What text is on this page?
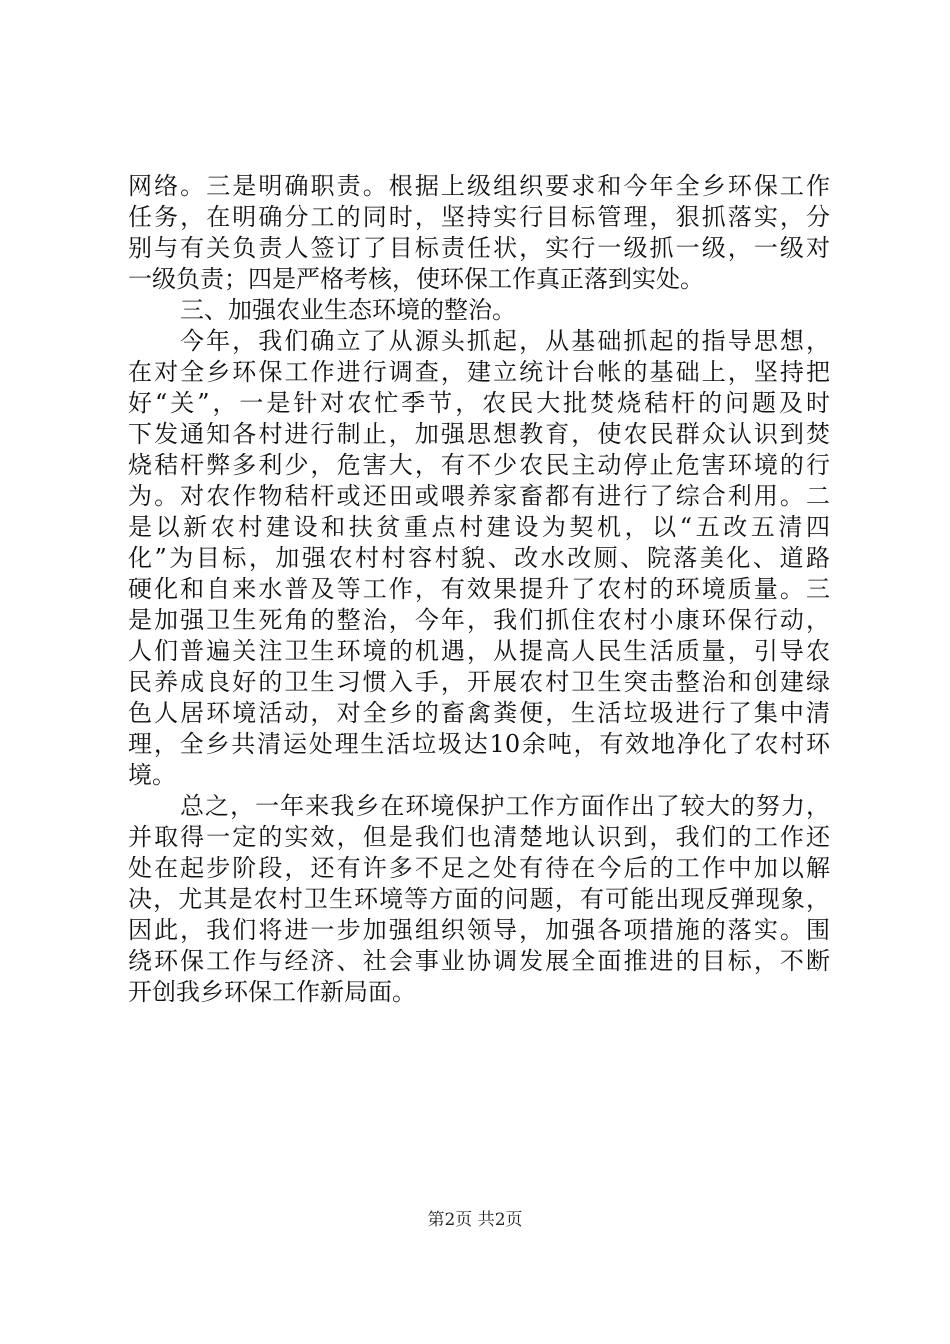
网络。三是明确职责。根据上级组织要求和今年全乡环保工作
任务，在明确分工的同时，坚持实行目标管理，狠抓落实，分
别与有关负责人签订了目标责任状，实行一级抓一级，一级对
一级负责；四是严格考核，使环保工作真正落到实处。
三、加强农业生态环境的整治。
今年，我们确立了从源头抓起，从基础抓起的指导思想，
在对全乡环保工作进行调查，建立统计台帐的基础上，坚持把
好“关”，一是针对农忙季节，农民大批焚烧秸杆的问题及时
下发通知各村进行制止，加强思想教育，使农民群众认识到焚
烧秸杆弊多利少，危害大，有不少农民主动停止危害环境的行
为。对农作物秸杆或还田或喂养家畜都有进行了综合利用。二
是以新农村建设和扶贫重点村建设为契机，以“五改五清四
化”为目标，加强农村村容村貌、改水改厕、院落美化、道路
硬化和自来水普及等工作，有效果提升了农村的环境质量。三
是加强卫生死角的整治，今年，我们抓住农村小康环保行动，
人们普遍关注卫生环境的机遇，从提高人民生活质量，引导农
民养成良好的卫生习惯入手，开展农村卫生突击整治和创建绿
色人居环境活动，对全乡的畜禽粪便，生活垃圾进行了集中清
理，全乡共清运处理生活垃圾达10余吨，有效地净化了农村环
境。
总之，一年来我乡在环境保护工作方面作出了较大的努力，
并取得一定的实效，但是我们也清楚地认识到，我们的工作还
处在起步阶段，还有许多不足之处有待在今后的工作中加以解
决，尤其是农村卫生环境等方面的问题，有可能出现反弹现象，
因此，我们将进一步加强组织领导，加强各项措施的落实。围
绕环保工作与经济、社会事业协调发展全面推进的目标，不断
开创我乡环保工作新局面。
第2页 共2页
